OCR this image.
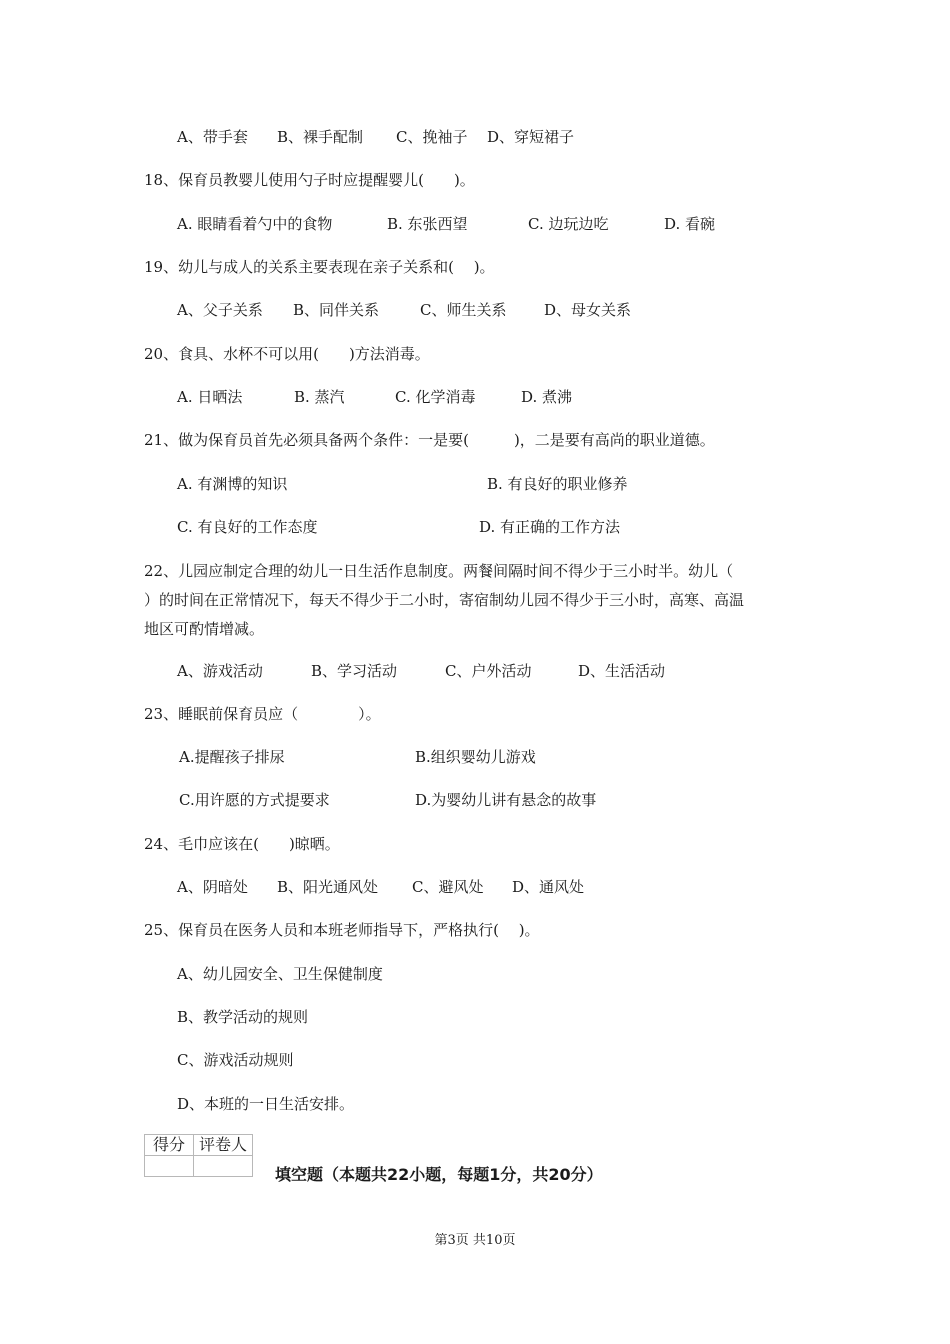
A、带手套 B、裸手配制 C、挽袖子 D、穿短裙子
18、保育员教婴儿使用勺子时应提醒婴儿(　　)。
A. 眼睛看着勺中的食物	B. 东张西望	C. 边玩边吃	D. 看碗
19、幼儿与成人的关系主要表现在亲子关系和(　 )。
A、父子关系 B、同伴关系	C、师生关系	D、母女关系
20、食具、水杯不可以用(　　)方法消毒。
A. 日晒法	B. 蒸汽	C. 化学消毒	D. 煮沸
21、做为保育员首先必须具备两个条件：一是要(　　　)，二是要有高尚的职业道德。
A. 有渊博的知识	B. 有良好的职业修养
C. 有良好的工作态度	D. 有正确的工作方法
22、儿园应制定合理的幼儿一日生活作息制度。两餐间隔时间不得少于三小时半。幼儿（
）的时间在正常情况下，每天不得少于二小时，寄宿制幼儿园不得少于三小时，高寒、高温
地区可酌情增减。
A、游戏活动	B、学习活动	C、户外活动	D、生活活动
23、睡眠前保育员应（　　　　）。
A.提醒孩子排尿	B.组织婴幼儿游戏
C.用许愿的方式提要求	D.为婴幼儿讲有悬念的故事
24、毛巾应该在(　　)晾晒。
A、阴暗处 B、阳光通风处 C、避风处 D、通风处
25、保育员在医务人员和本班老师指导下，严格执行(　 )。
A、幼儿园安全、卫生保健制度
B、教学活动的规则
C、游戏活动规则
D、本班的一日生活安排。
得分	评卷人

填空题（本题共22小题，每题1分，共20分）
第3页 共10页
